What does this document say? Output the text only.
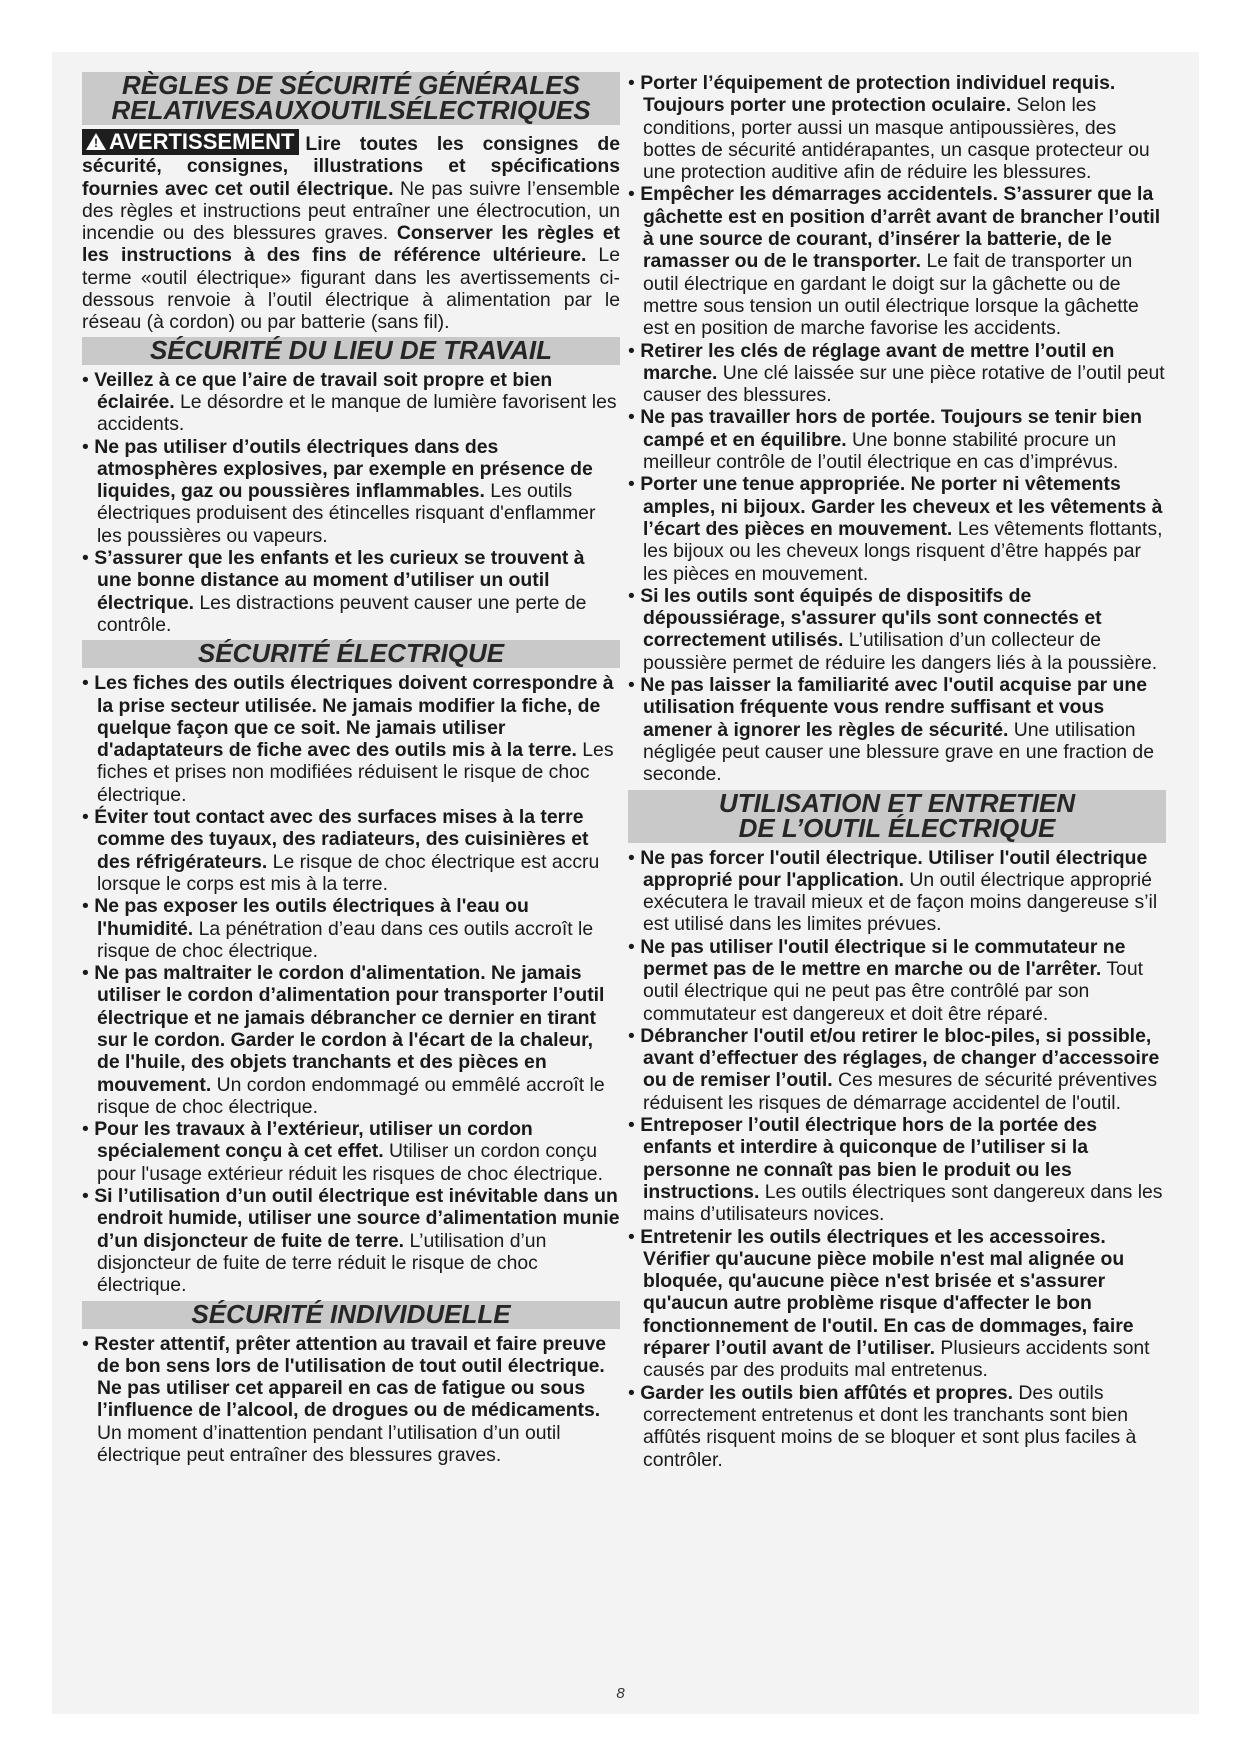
RÈGLES DE SÉCURITÉ GÉNÉRALES
RELATIVESAUXOUTILSÉLECTRIQUES

! AVERTISSEMENT Lire toutes les consignes de sécurité, consignes, illustrations et spécifications fournies avec cet outil électrique. Ne pas suivre l’ensemble des règles et instructions peut entraîner une électrocution, un incendie ou des blessures graves. Conserver les règles et les instructions à des fins de référence ultérieure. Le terme «outil électrique» figurant dans les avertissements ci-dessous renvoie à l’outil électrique à alimentation par le réseau (à cordon) ou par batterie (sans fil).

SÉCURITÉ DU LIEU DE TRAVAIL

• Veillez à ce que l’aire de travail soit propre et bien éclairée. Le désordre et le manque de lumière favorisent les accidents.

• Ne pas utiliser d’outils électriques dans des atmosphères explosives, par exemple en présence de liquides, gaz ou poussières inflammables. Les outils électriques produisent des étincelles risquant d'enflammer les poussières ou vapeurs.

• S’assurer que les enfants et les curieux se trouvent à une bonne distance au moment d’utiliser un outil électrique. Les distractions peuvent causer une perte de contrôle.

SÉCURITÉ ÉLECTRIQUE

• Les fiches des outils électriques doivent correspondre à la prise secteur utilisée. Ne jamais modifier la fiche, de quelque façon que ce soit. Ne jamais utiliser d'adaptateurs de fiche avec des outils mis à la terre. Les fiches et prises non modifiées réduisent le risque de choc électrique.

• Éviter tout contact avec des surfaces mises à la terre comme des tuyaux, des radiateurs, des cuisinières et des réfrigérateurs. Le risque de choc électrique est accru lorsque le corps est mis à la terre.

• Ne pas exposer les outils électriques à l'eau ou l'humidité. La pénétration d’eau dans ces outils accroît le risque de choc électrique.

• Ne pas maltraiter le cordon d'alimentation. Ne jamais utiliser le cordon d’alimentation pour transporter l’outil électrique et ne jamais débrancher ce dernier en tirant sur le cordon. Garder le cordon à l'écart de la chaleur, de l'huile, des objets tranchants et des pièces en mouvement. Un cordon endommagé ou emmêlé accroît le risque de choc électrique.

• Pour les travaux à l’extérieur, utiliser un cordon spécialement conçu à cet effet. Utiliser un cordon conçu pour l'usage extérieur réduit les risques de choc électrique.

• Si l’utilisation d’un outil électrique est inévitable dans un endroit humide, utiliser une source d’alimentation munie d’un disjoncteur de fuite de terre. L’utilisation d’un disjoncteur de fuite de terre réduit le risque de choc électrique.

SÉCURITÉ INDIVIDUELLE

• Rester attentif, prêter attention au travail et faire preuve de bon sens lors de l'utilisation de tout outil électrique. Ne pas utiliser cet appareil en cas de fatigue ou sous l’influence de l’alcool, de drogues ou de médicaments. Un moment d’inattention pendant l’utilisation d’un outil électrique peut entraîner des blessures graves.

• Porter l’équipement de protection individuel requis. Toujours porter une protection oculaire. Selon les conditions, porter aussi un masque antipoussières, des bottes de sécurité antidérapantes, un casque protecteur ou une protection auditive afin de réduire les blessures.

• Empêcher les démarrages accidentels. S’assurer que la gâchette est en position d’arrêt avant de brancher l’outil à une source de courant, d’insérer la batterie, de le ramasser ou de le transporter. Le fait de transporter un outil électrique en gardant le doigt sur la gâchette ou de mettre sous tension un outil électrique lorsque la gâchette est en position de marche favorise les accidents.

• Retirer les clés de réglage avant de mettre l’outil en marche. Une clé laissée sur une pièce rotative de l’outil peut causer des blessures.

• Ne pas travailler hors de portée. Toujours se tenir bien campé et en équilibre. Une bonne stabilité procure un meilleur contrôle de l’outil électrique en cas d’imprévus.

• Porter une tenue appropriée. Ne porter ni vêtements amples, ni bijoux. Garder les cheveux et les vêtements à l’écart des pièces en mouvement. Les vêtements flottants, les bijoux ou les cheveux longs risquent d’être happés par les pièces en mouvement.

• Si les outils sont équipés de dispositifs de dépoussiérage, s'assurer qu'ils sont connectés et correctement utilisés. L’utilisation d’un collecteur de poussière permet de réduire les dangers liés à la poussière.

• Ne pas laisser la familiarité avec l'outil acquise par une utilisation fréquente vous rendre suffisant et vous amener à ignorer les règles de sécurité. Une utilisation négligée peut causer une blessure grave en une fraction de seconde.

UTILISATION ET ENTRETIEN
DE L’OUTIL ÉLECTRIQUE

• Ne pas forcer l'outil électrique. Utiliser l'outil électrique approprié pour l'application. Un outil électrique approprié exécutera le travail mieux et de façon moins dangereuse s’il est utilisé dans les limites prévues.

• Ne pas utiliser l'outil électrique si le commutateur ne permet pas de le mettre en marche ou de l'arrêter. Tout outil électrique qui ne peut pas être contrôlé par son commutateur est dangereux et doit être réparé.

• Débrancher l'outil et/ou retirer le bloc-piles, si possible, avant d’effectuer des réglages, de changer d’accessoire ou de remiser l’outil. Ces mesures de sécurité préventives réduisent les risques de démarrage accidentel de l'outil.

• Entreposer l’outil électrique hors de la portée des enfants et interdire à quiconque de l’utiliser si la personne ne connaît pas bien le produit ou les instructions. Les outils électriques sont dangereux dans les mains d’utilisateurs novices.

• Entretenir les outils électriques et les accessoires. Vérifier qu'aucune pièce mobile n'est mal alignée ou bloquée, qu'aucune pièce n'est brisée et s'assurer qu'aucun autre problème risque d'affecter le bon fonctionnement de l'outil. En cas de dommages, faire réparer l’outil avant de l’utiliser. Plusieurs accidents sont causés par des produits mal entretenus.

• Garder les outils bien affûtés et propres. Des outils correctement entretenus et dont les tranchants sont bien affûtés risquent moins de se bloquer et sont plus faciles à contrôler.

8
